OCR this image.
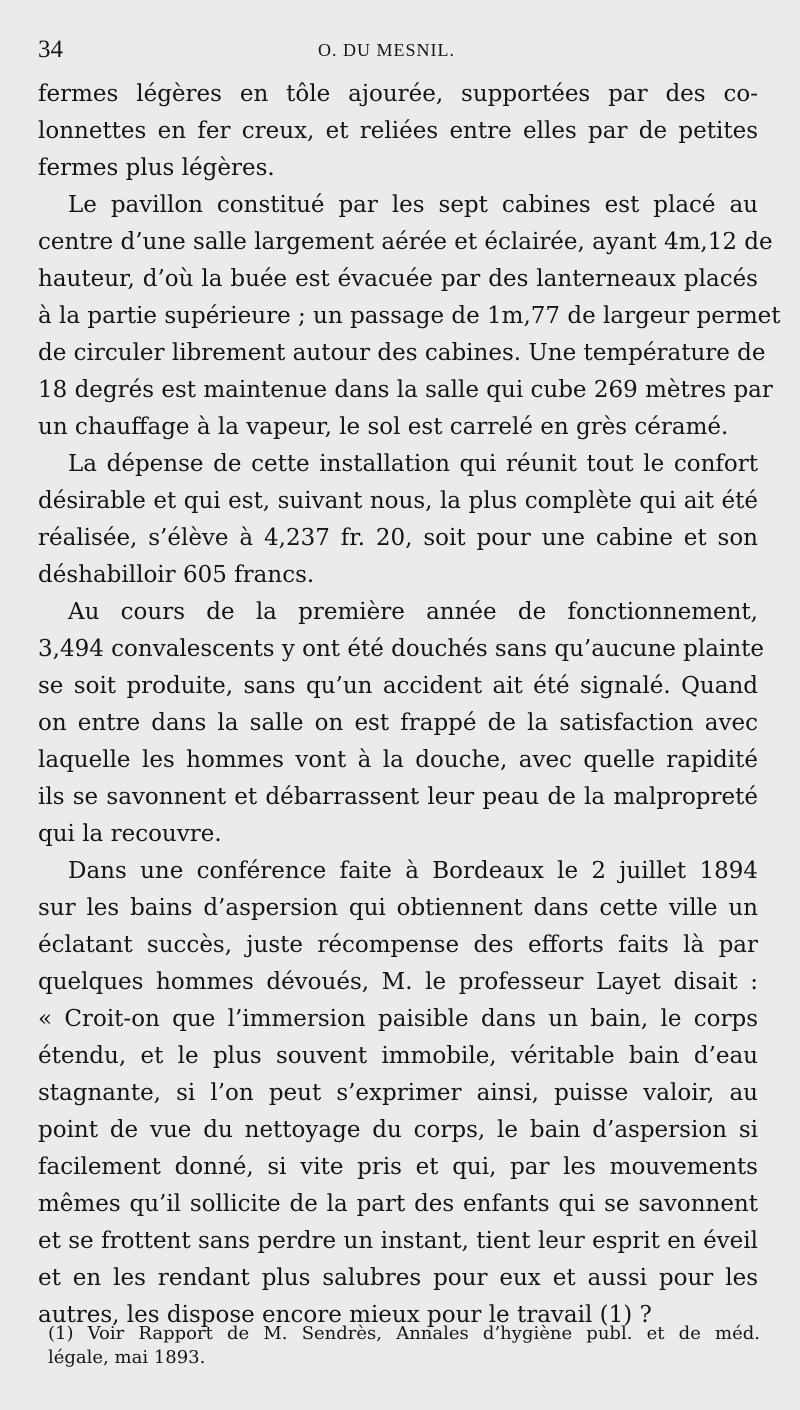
34	O. DU MESNIL.
fermes légères en tôle ajourée, supportées par des co-
lonnettes en fer creux, et reliées entre elles par de petites
fermes plus légères.
Le pavillon constitué par les sept cabines est placé au
centre d’une salle largement aérée et éclairée, ayant 4m,12 de
hauteur, d’où la buée est évacuée par des lanterneaux placés
à la partie supérieure ; un passage de 1m,77 de largeur permet
de circuler librement autour des cabines. Une température de
18 degrés est maintenue dans la salle qui cube 269 mètres par
un chauffage à la vapeur, le sol est carrelé en grès céramé.
La dépense de cette installation qui réunit tout le confort
désirable et qui est, suivant nous, la plus complète qui ait été
réalisée, s’élève à 4,237 fr. 20, soit pour une cabine et son
déshabilloir 605 francs.
Au cours de la première année de fonctionnement,
3,494 convalescents y ont été douchés sans qu’aucune plainte
se soit produite, sans qu’un accident ait été signalé. Quand
on entre dans la salle on est frappé de la satisfaction avec
laquelle les hommes vont à la douche, avec quelle rapidité
ils se savonnent et débarrassent leur peau de la malpropreté
qui la recouvre.
Dans une conférence faite à Bordeaux le 2 juillet 1894
sur les bains d’aspersion qui obtiennent dans cette ville un
éclatant succès, juste récompense des efforts faits là par
quelques hommes dévoués, M. le professeur Layet disait :
« Croit-on que l’immersion paisible dans un bain, le corps
étendu, et le plus souvent immobile, véritable bain d’eau
stagnante, si l’on peut s’exprimer ainsi, puisse valoir, au
point de vue du nettoyage du corps, le bain d’aspersion si
facilement donné, si vite pris et qui, par les mouvements
mêmes qu’il sollicite de la part des enfants qui se savonnent
et se frottent sans perdre un instant, tient leur esprit en éveil
et en les rendant plus salubres pour eux et aussi pour les
autres, les dispose encore mieux pour le travail (1) ?
(1) Voir Rapport de M. Sendrès, Annales d’hygiène publ. et de méd.
légale, mai 1893.
